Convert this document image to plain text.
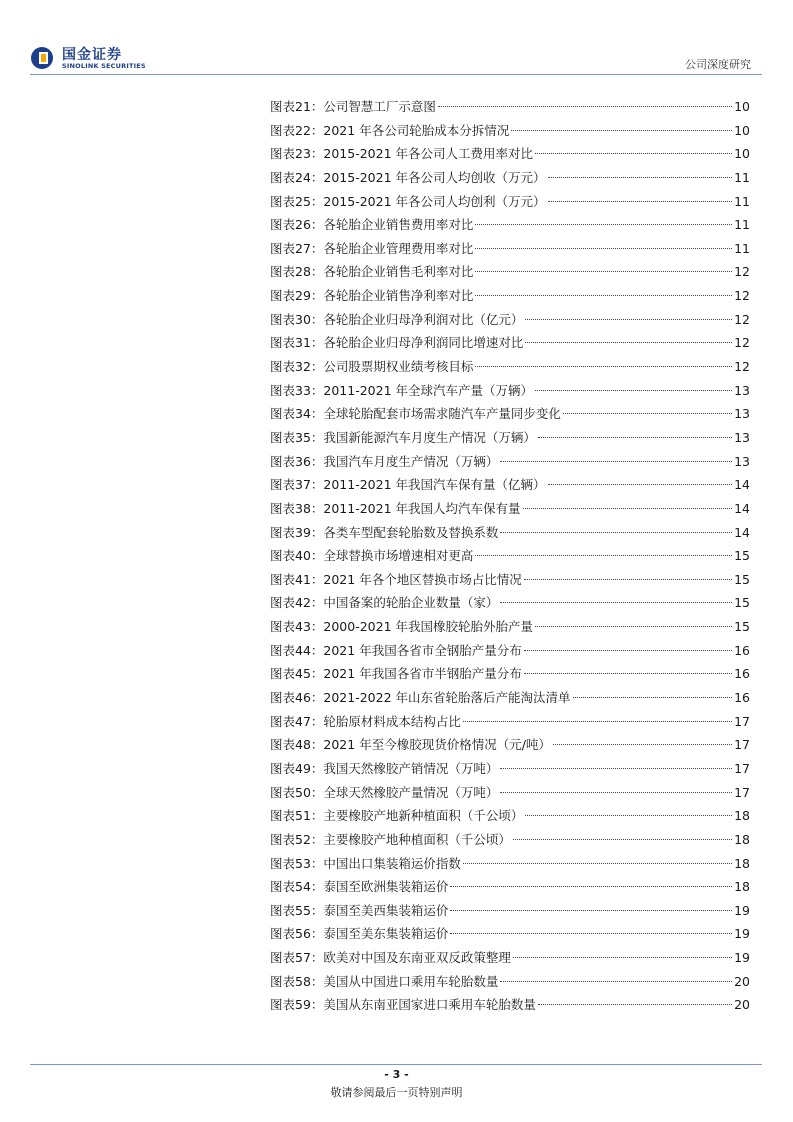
国金证券
SINOLINK SECURITIES	公司深度研究
图表21：公司智慧工厂示意图	10
图表22：2021 年各公司轮胎成本分拆情况	10
图表23：2015-2021 年各公司人工费用率对比	10
图表24：2015-2021 年各公司人均创收（万元）	11
图表25：2015-2021 年各公司人均创利（万元）	11
图表26：各轮胎企业销售费用率对比	11
图表27：各轮胎企业管理费用率对比	11
图表28：各轮胎企业销售毛利率对比	12
图表29：各轮胎企业销售净利率对比	12
图表30：各轮胎企业归母净利润对比（亿元）	12
图表31：各轮胎企业归母净利润同比增速对比	12
图表32：公司股票期权业绩考核目标	12
图表33：2011-2021 年全球汽车产量（万辆）	13
图表34：全球轮胎配套市场需求随汽车产量同步变化	13
图表35：我国新能源汽车月度生产情况（万辆）	13
图表36：我国汽车月度生产情况（万辆）	13
图表37：2011-2021 年我国汽车保有量（亿辆）	14
图表38：2011-2021 年我国人均汽车保有量	14
图表39：各类车型配套轮胎数及替换系数	14
图表40：全球替换市场增速相对更高	15
图表41：2021 年各个地区替换市场占比情况	15
图表42：中国备案的轮胎企业数量（家）	15
图表43：2000-2021 年我国橡胶轮胎外胎产量	15
图表44：2021 年我国各省市全钢胎产量分布	16
图表45：2021 年我国各省市半钢胎产量分布	16
图表46：2021-2022 年山东省轮胎落后产能淘汰清单	16
图表47：轮胎原材料成本结构占比	17
图表48：2021 年至今橡胶现货价格情况（元/吨）	17
图表49：我国天然橡胶产销情况（万吨）	17
图表50：全球天然橡胶产量情况（万吨）	17
图表51：主要橡胶产地新种植面积（千公顷）	18
图表52：主要橡胶产地种植面积（千公顷）	18
图表53：中国出口集装箱运价指数	18
图表54：泰国至欧洲集装箱运价	18
图表55：泰国至美西集装箱运价	19
图表56：泰国至美东集装箱运价	19
图表57：欧美对中国及东南亚双反政策整理	19
图表58：美国从中国进口乘用车轮胎数量	20
图表59：美国从东南亚国家进口乘用车轮胎数量	20
- 3 -
敬请参阅最后一页特别声明
